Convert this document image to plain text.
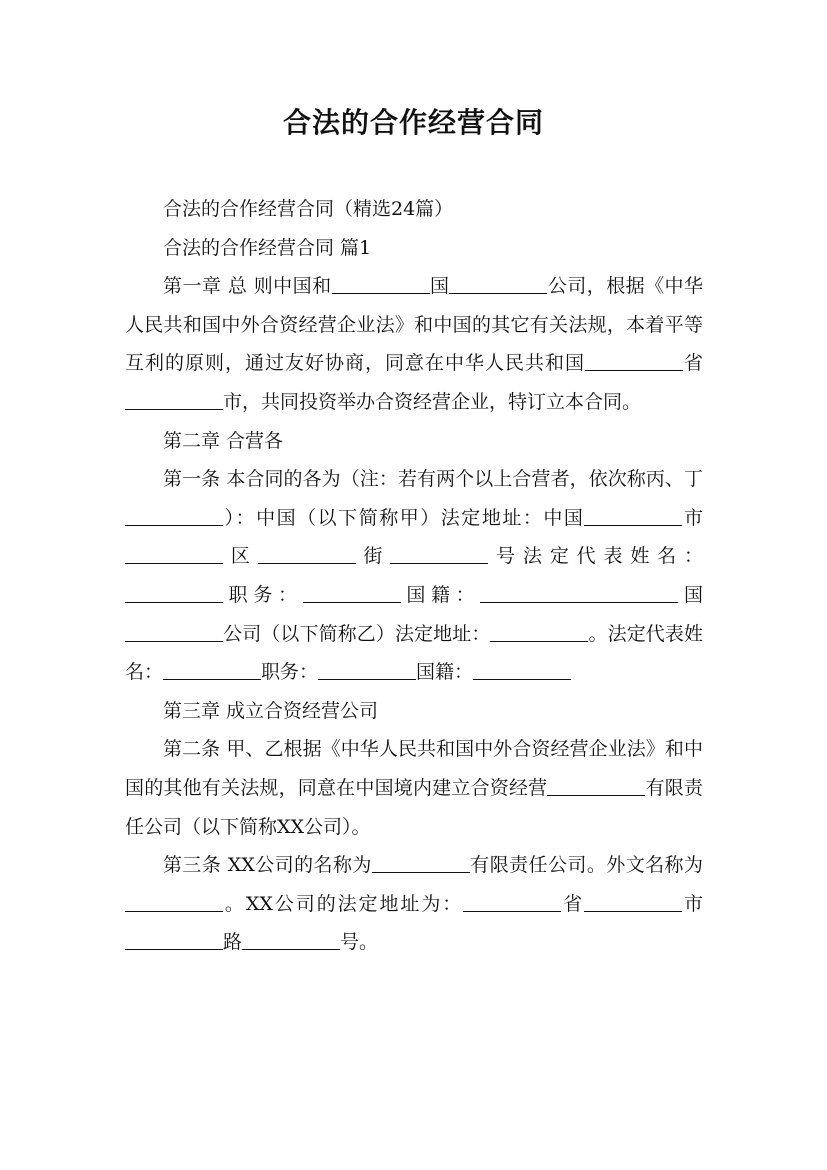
合法的合作经营合同

合法的合作经营合同（精选24篇）

合法的合作经营合同 篇1

第一章 总 则中国和	国	公司，根据《中华人民共和国中外合资经营企业法》和中国的其它有关法规，本着平等互利的原则，通过友好协商，同意在中华人民共和国	省市，共同投资举办合资经营企业，特订立本合同。

第二章 合营各

第一条 本合同的各为（注：若有两个以上合营者，依次称丙、丁）：中国（以下简称甲）法定地址：中国	市区	街	号法定代表姓名：职务：	国籍：	国公司（以下简称乙）法定地址：	。法定代表姓名：	职务：	国籍：

第三章 成立合资经营公司

第二条 甲、乙根据《中华人民共和国中外合资经营企业法》和中国的其他有关法规，同意在中国境内建立合资经营	有限责任公司（以下简称XX公司）。

第三条 XX公司的名称为	有限责任公司。外文名称为。XX公司的法定地址为：	省	市路	号。
